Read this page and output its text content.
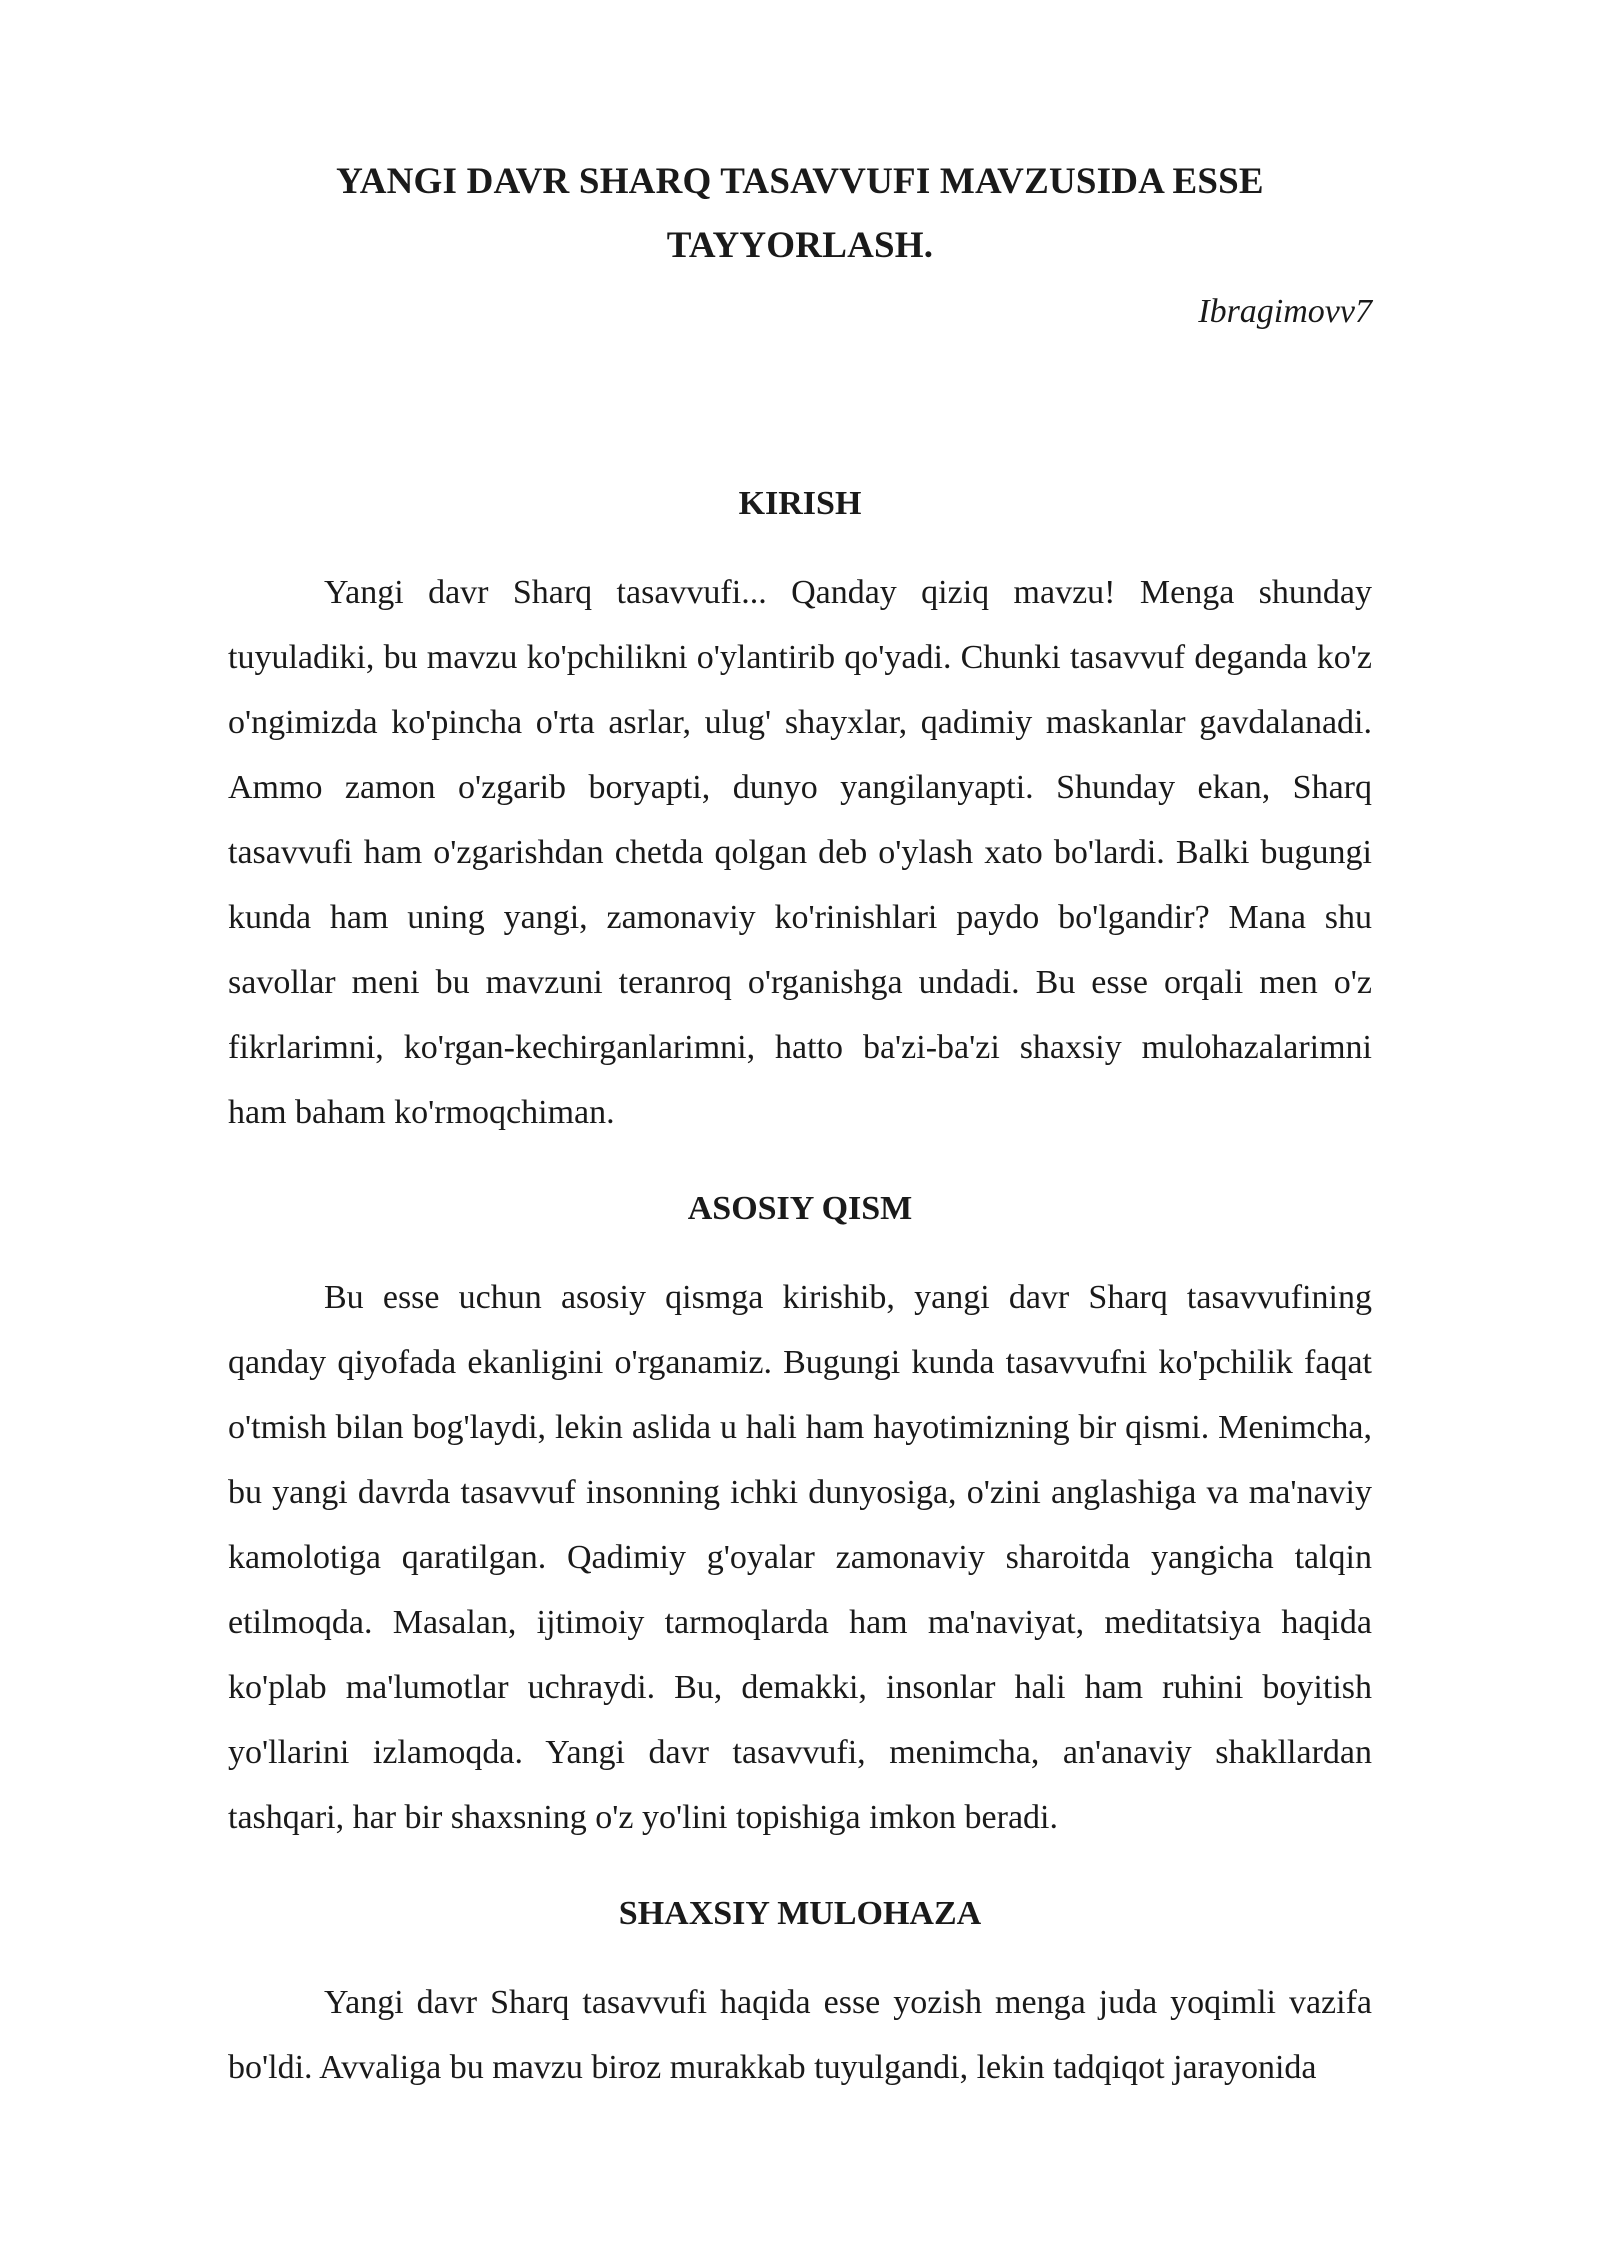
YANGI DAVR SHARQ TASAVVUFI MAVZUSIDA ESSE
TAYYORLASH.
Ibragimovv7
KIRISH

Yangi davr Sharq tasavvufi... Qanday qiziq mavzu! Menga shunday tuyuladiki, bu mavzu ko'pchilikni o'ylantirib qo'yadi. Chunki tasavvuf deganda ko'z o'ngimizda ko'pincha o'rta asrlar, ulug' shayxlar, qadimiy maskanlar gavdalanadi. Ammo zamon o'zgarib boryapti, dunyo yangilanyapti. Shunday ekan, Sharq tasavvufi ham o'zgarishdan chetda qolgan deb o'ylash xato bo'lardi. Balki bugungi kunda ham uning yangi, zamonaviy ko'rinishlari paydo bo'lgandir? Mana shu savollar meni bu mavzuni teranroq o'rganishga undadi. Bu esse orqali men o'z fikrlarimni, ko'rgan-kechirganlarimni, hatto ba'zi-ba'zi shaxsiy mulohazalarimni ham baham ko'rmoqchiman.

ASOSIY QISM

Bu esse uchun asosiy qismga kirishib, yangi davr Sharq tasavvufining qanday qiyofada ekanligini o'rganamiz. Bugungi kunda tasavvufni ko'pchilik faqat o'tmish bilan bog'laydi, lekin aslida u hali ham hayotimizning bir qismi. Menimcha, bu yangi davrda tasavvuf insonning ichki dunyosiga, o'zini anglashiga va ma'naviy kamolotiga qaratilgan. Qadimiy g'oyalar zamonaviy sharoitda yangicha talqin etilmoqda. Masalan, ijtimoiy tarmoqlarda ham ma'naviyat, meditatsiya haqida ko'plab ma'lumotlar uchraydi. Bu, demakki, insonlar hali ham ruhini boyitish yo'llarini izlamoqda. Yangi davr tasavvufi, menimcha, an'anaviy shakllardan tashqari, har bir shaxsning o'z yo'lini topishiga imkon beradi.

SHAXSIY MULOHAZA

Yangi davr Sharq tasavvufi haqida esse yozish menga juda yoqimli vazifa bo'ldi. Avvaliga bu mavzu biroz murakkab tuyulgandi, lekin tadqiqot jarayonida
